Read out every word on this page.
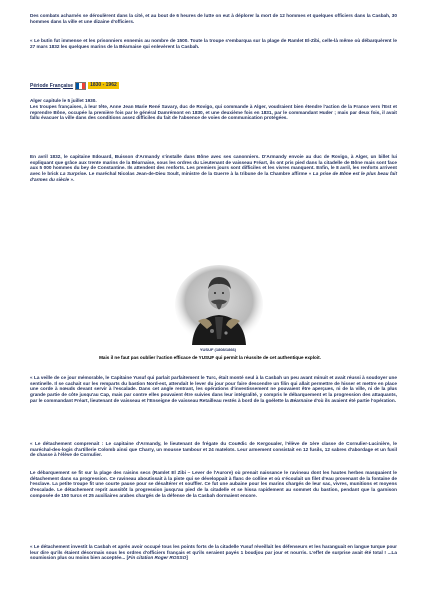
Des combats acharnés se déroulèrent dans la cité, et au bout de 6 heures de lutte on eut à déplorer la mort de 12 hommes et quelques officiers dans la Casbah, 30 hommes dans la ville et une dizaine d'officiers.

« Le butin fut immense et les prisonniers ennemis au nombre de 1500. Toute la troupe s'embarqua sur la plage de Ramlet El-Zibi, celle-là même où débarquèrent le 27 mars 1832 les quelques marins de la Béarnaise qui enlevèrent la Casbah.

Période Française	1830 - 1962

Alger capitule le 5 juillet 1930.

Les troupes françaises, à leur tête, Anne Jean Marie René Savary, duc de Rovigo, qui commande à Alger, voudraient bien étendre l'action de la France vers l'Est et reprendre Bône, occupée la première fois par le général Damrémont en 1830, et une deuxième fois en 1831, par le commandant Huder ; mais par deux fois, il avait fallu évacuer la ville dans des conditions assez difficiles du fait de l'absence de voies de communication protégées.

En avril 1832, le capitaine Edouard, Buisson d'Armandy s'installe dans Bône avec ses canonniers. D'Armandy envoie au duc de Rovigo, à Alger, un billet lui expliquant que grâce aux trente marins de la Béarnaise, sous les ordres du Lieutenant de vaisseau Fréart, ils ont pris pied dans la citadelle de Bône mais sont face aux 5 000 hommes du bey de Constantine. Ils attendent des renforts. Les premiers jours sont difficiles et les vivres manquent. Enfin, le 8 avril, les renforts arrivent avec le brick La Surprise. Le maréchal Nicolas Jean-de-Dieu Soult, ministre de la Guerre à la tribune de la Chambre affirme « La prise de Bône est le plus beau fait d'armes du siècle ».

YUSUF (1808/1866)

Mais il ne faut pas oublier l'action efficace de YUSUF qui permit la réussite de cet authentique exploit.

« La veille de ce jour mémorable, le Capitaine Yusuf qui parlait parfaitement le Turc, était monté seul à la Casbah un peu avant minuit et avait réussi à soudoyer une sentinelle. Il se cachait sur les remparts du bastion Nord-est, attendait le lever du jour pour faire descendre un filin qui allait permettre de hisser et mettre en place une corde à nœuds devant servir à l'escalade. Dans cet angle rentrant, les opérations d'investissement ne pouvaient être aperçues, ni de la ville, ni de la plus grande partie de côte jusqu'au Cap, mais par contre elles pouvaient être suivies dans leur intégralité, y compris le débarquement et la progression des attaquants, par le commandant Fréart, lieutenant de vaisseau et l'Enseigne de vaisseau Retailleau restés à bord de la goélette la Béarnaise d'où ils avaient été partie l'opération.

« Le détachement comprenait : Le capitaine d'Armandy, le lieutenant de frégate du Couëdic de Kergoualer, l'élève de 1ère classe de Cornulier-Lucinière, le maréchal-des-logis d'artillerie Colomb ainsi que Charry, un mousse tambour et 24 matelots. Leur armement consistait en 12 fusils, 12 sabres d'abordage et un fusil de chasse à l'élève de Cornulier.

Le débarquement se fit sur la plage des raisins secs (Ramlet El Zibi – Lever de l'Aurore) où prenait naissance le ravineau dont les hautes herbes masquaient le détachement dans sa progression. Ce ravineau aboutissait à la piste qui se développait à flanc de colline et où s'écoulait un filet d'eau provenant de la fontaine de l'esclave. La petite troupe fit une courte pause pour se désaltérer et souffler. Ce fut une aubaine pour les marins chargés de leur sac, vivres, munitions et moyens d'escalade. Le détachement reprit aussitôt la progression jusqu'au pied de la citadelle et se hissa rapidement au sommet du bastion, pendant que la garnison composée de 150 turcs et 25 auxiliaires arabes chargés de la défense de la Casbah dormaient encore.

« Le détachement investit la Casbah et après avoir occupé tous les points forts de la citadelle Yusuf réveillait les défenseurs et les haranguait en langue turque pour leur dire qu'ils étaient désormais sous les ordres d'officiers français et qu'ils seraient payés 1 boudjou par jour et nourris. L'effet de surprise avait été total ! ...La soumission plus ou moins bien acceptée... [Fin citation Roger ROSSO]
